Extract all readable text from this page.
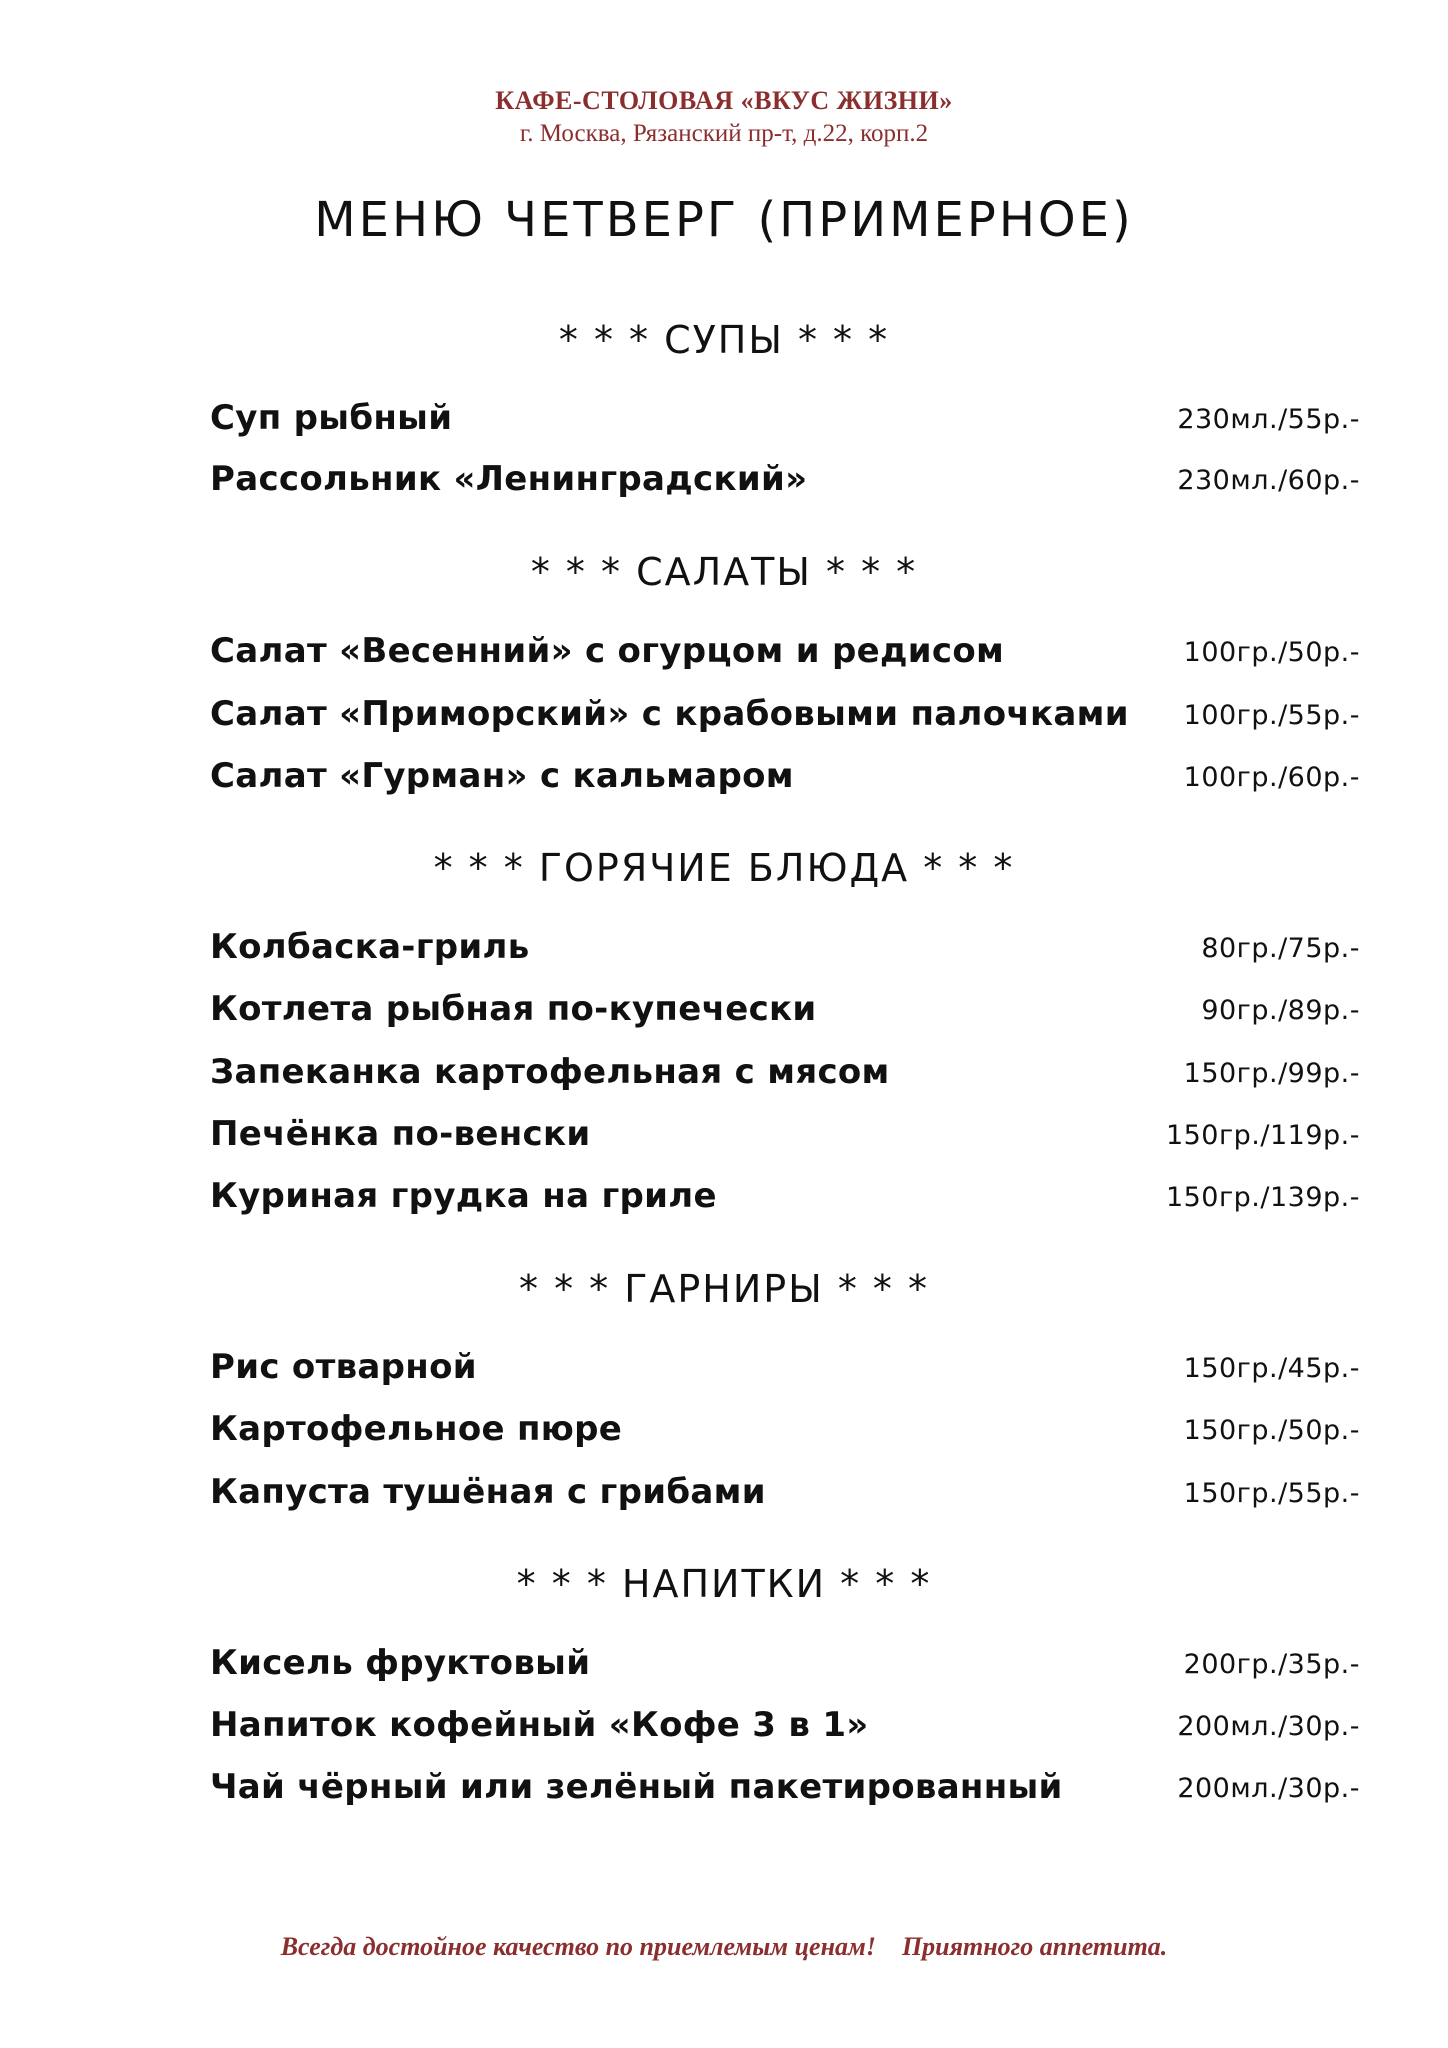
КАФЕ-СТОЛОВАЯ «ВКУС ЖИЗНИ»
г. Москва, Рязанский пр-т, д.22, корп.2
МЕНЮ ЧЕТВЕРГ (ПРИМЕРНОЕ)
* * * СУПЫ * * *
Суп рыбный	230мл./55р.-
Рассольник «Ленинградский»	230мл./60р.-
* * * САЛАТЫ * * *
Салат «Весенний» с огурцом и редисом	100гр./50р.-
Салат «Приморский» с крабовыми палочками 100гр./55р.-
Салат «Гурман» с кальмаром	100гр./60р.-
* * * ГОРЯЧИЕ БЛЮДА * * *
Колбаска-гриль	80гр./75р.-
Котлета рыбная по-купечески	90гр./89р.-
Запеканка картофельная с мясом	150гр./99р.-
Печёнка по-венски	150гр./119р.-
Куриная грудка на гриле	150гр./139р.-
* * * ГАРНИРЫ * * *
Рис отварной	150гр./45р.-
Картофельное пюре	150гр./50р.-
Капуста тушёная с грибами	150гр./55р.-
* * * НАПИТКИ * * *
Кисель фруктовый	200гр./35р.-
Напиток кофейный «Кофе 3 в 1»	200мл./30р.-
Чай чёрный или зелёный пакетированный	200мл./30р.-
Всегда достойное качество по приемлемым ценам! Приятного аппетита.
